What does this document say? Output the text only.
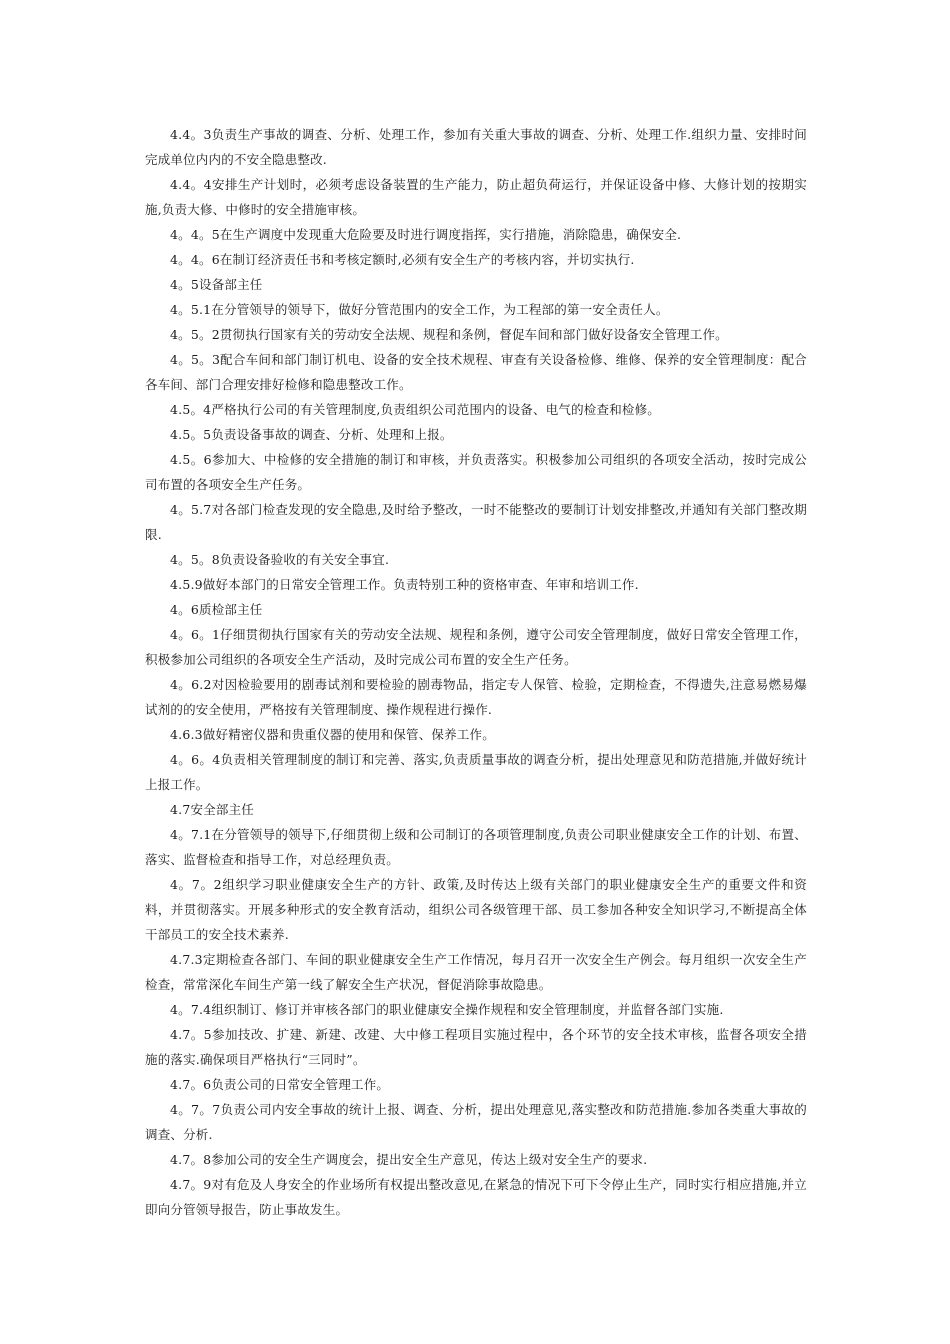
4.4。3负责生产事故的调查、分析、处理工作，参加有关重大事故的调查、分析、处理工作.组织力量、安排时间完成单位内内的不安全隐患整改.

4.4。4安排生产计划时，必须考虑设备装置的生产能力，防止超负荷运行，并保证设备中修、大修计划的按期实施,负责大修、中修时的安全措施审核。

4。4。5在生产调度中发现重大危险要及时进行调度指挥，实行措施，消除隐患，确保安全.

4。4。6在制订经济责任书和考核定额时,必须有安全生产的考核内容，并切实执行.

4。5设备部主任

4。5.1在分管领导的领导下，做好分管范围内的安全工作，为工程部的第一安全责任人。

4。5。2贯彻执行国家有关的劳动安全法规、规程和条例，督促车间和部门做好设备安全管理工作。

4。5。3配合车间和部门制订机电、设备的安全技术规程、审查有关设备检修、维修、保养的安全管理制度：配合各车间、部门合理安排好检修和隐患整改工作。

4.5。4严格执行公司的有关管理制度,负责组织公司范围内的设备、电气的检查和检修。

4.5。5负责设备事故的调查、分析、处理和上报。

4.5。6参加大、中检修的安全措施的制订和审核，并负责落实。积极参加公司组织的各项安全活动，按时完成公司布置的各项安全生产任务。

4。5.7对各部门检查发现的安全隐患,及时给予整改，一时不能整改的要制订计划安排整改,并通知有关部门整改期限.

4。5。8负责设备验收的有关安全事宜.

4.5.9做好本部门的日常安全管理工作。负责特别工种的资格审查、年审和培训工作.

4。6质检部主任

4。6。1仔细贯彻执行国家有关的劳动安全法规、规程和条例，遵守公司安全管理制度，做好日常安全管理工作，积极参加公司组织的各项安全生产活动，及时完成公司布置的安全生产任务。

4。6.2对因检验要用的剧毒试剂和要检验的剧毒物品，指定专人保管、检验，定期检查，不得遗失,注意易燃易爆试剂的的安全使用，严格按有关管理制度、操作规程进行操作.

4.6.3做好精密仪器和贵重仪器的使用和保管、保养工作。

4。6。4负责相关管理制度的制订和完善、落实,负责质量事故的调查分析，提出处理意见和防范措施,并做好统计上报工作。

4.7安全部主任

4。7.1在分管领导的领导下,仔细贯彻上级和公司制订的各项管理制度,负责公司职业健康安全工作的计划、布置、落实、监督检查和指导工作，对总经理负责。

4。7。2组织学习职业健康安全生产的方针、政策,及时传达上级有关部门的职业健康安全生产的重要文件和资料，并贯彻落实。开展多种形式的安全教育活动，组织公司各级管理干部、员工参加各种安全知识学习,不断提高全体干部员工的安全技术素养.

4.7.3定期检查各部门、车间的职业健康安全生产工作情况，每月召开一次安全生产例会。每月组织一次安全生产检查，常常深化车间生产第一线了解安全生产状况，督促消除事故隐患。

4。7.4组织制订、修订并审核各部门的职业健康安全操作规程和安全管理制度，并监督各部门实施.

4.7。5参加技改、扩建、新建、改建、大中修工程项目实施过程中，各个环节的安全技术审核，监督各项安全措施的落实.确保项目严格执行“三同时”。

4.7。6负责公司的日常安全管理工作。

4。7。7负责公司内安全事故的统计上报、调查、分析，提出处理意见,落实整改和防范措施.参加各类重大事故的调查、分析.

4.7。8参加公司的安全生产调度会，提出安全生产意见，传达上级对安全生产的要求.

4.7。9对有危及人身安全的作业场所有权提出整改意见,在紧急的情况下可下令停止生产，同时实行相应措施,并立即向分管领导报告，防止事故发生。
